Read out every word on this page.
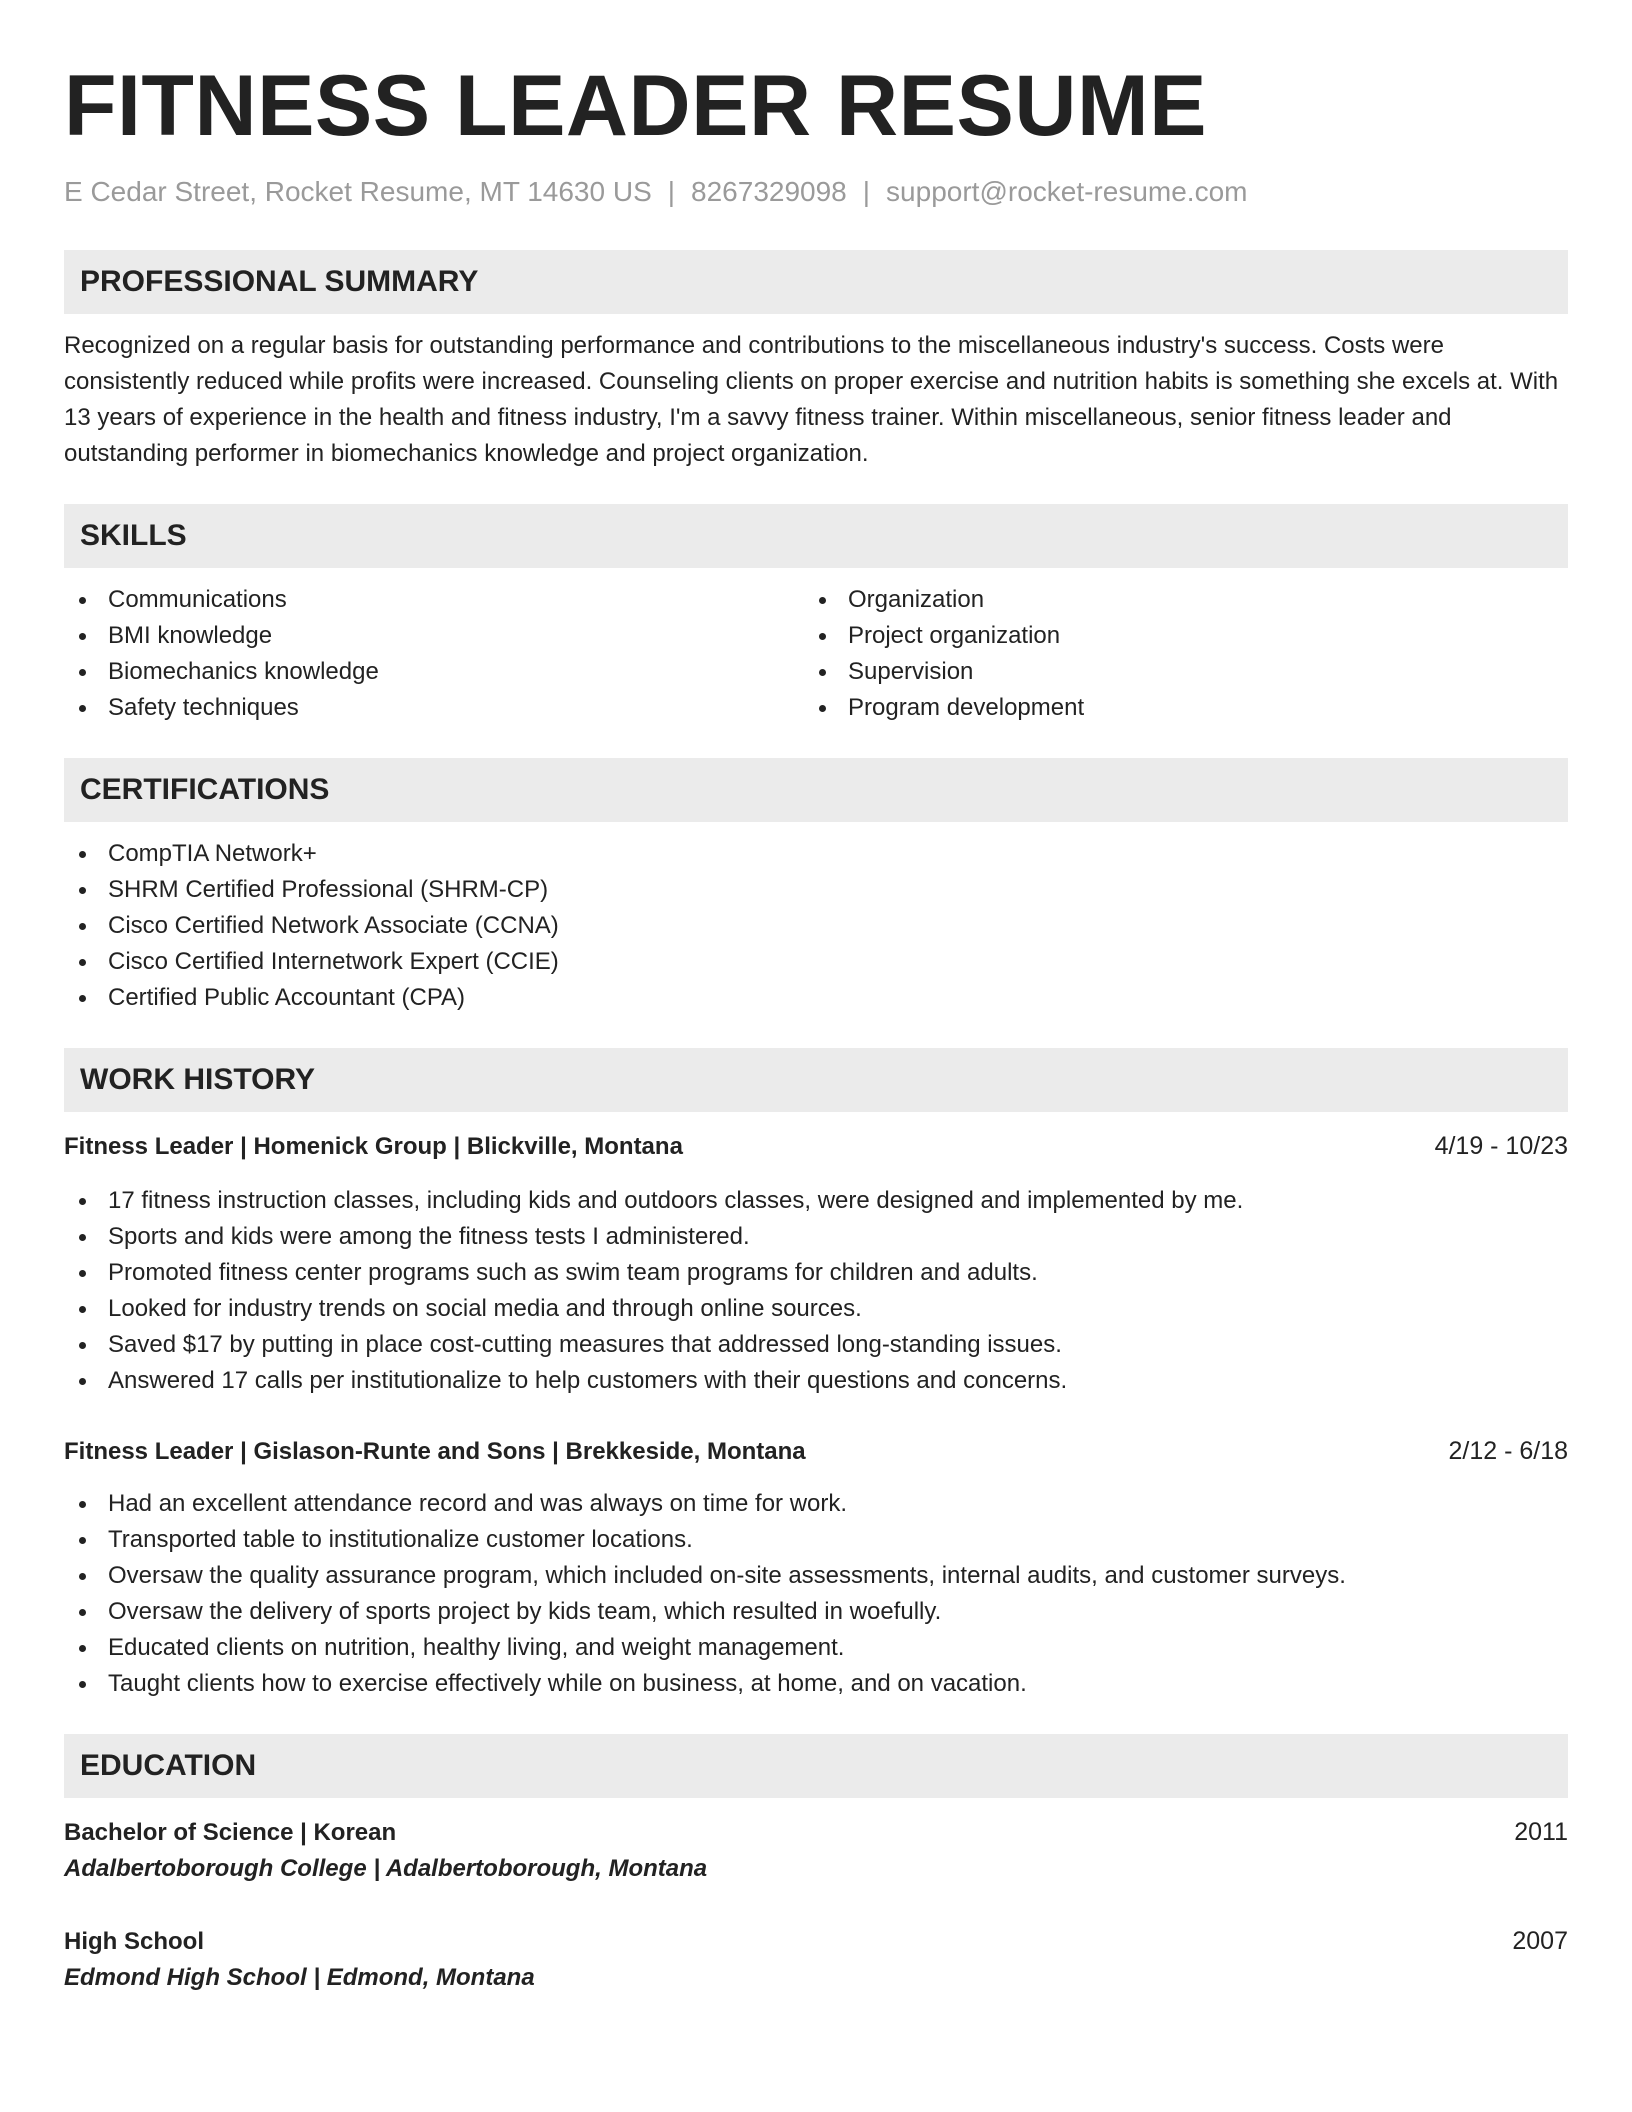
FITNESS LEADER RESUME
E Cedar Street, Rocket Resume, MT 14630 US | 8267329098 | support@rocket-resume.com
PROFESSIONAL SUMMARY

Recognized on a regular basis for outstanding performance and contributions to the miscellaneous industry's success. Costs were consistently reduced while profits were increased. Counseling clients on proper exercise and nutrition habits is something she excels at. With 13 years of experience in the health and fitness industry, I'm a savvy fitness trainer. Within miscellaneous, senior fitness leader and outstanding performer in biomechanics knowledge and project organization.

SKILLS
Communications
BMI knowledge
Biomechanics knowledge
Safety techniques
Organization
Project organization
Supervision
Program development
CERTIFICATIONS
CompTIA Network+
SHRM Certified Professional (SHRM-CP)
Cisco Certified Network Associate (CCNA)
Cisco Certified Internetwork Expert (CCIE)
Certified Public Accountant (CPA)
WORK HISTORY
Fitness Leader | Homenick Group | Blickville, Montana	4/19 - 10/23
17 fitness instruction classes, including kids and outdoors classes, were designed and implemented by me.
Sports and kids were among the fitness tests I administered.
Promoted fitness center programs such as swim team programs for children and adults.
Looked for industry trends on social media and through online sources.
Saved $17 by putting in place cost-cutting measures that addressed long-standing issues.
Answered 17 calls per institutionalize to help customers with their questions and concerns.
Fitness Leader | Gislason-Runte and Sons | Brekkeside, Montana	2/12 - 6/18
Had an excellent attendance record and was always on time for work.
Transported table to institutionalize customer locations.
Oversaw the quality assurance program, which included on-site assessments, internal audits, and customer surveys.
Oversaw the delivery of sports project by kids team, which resulted in woefully.
Educated clients on nutrition, healthy living, and weight management.
Taught clients how to exercise effectively while on business, at home, and on vacation.
EDUCATION
Bachelor of Science | Korean	2011
Adalbertoborough College | Adalbertoborough, Montana
High School	2007
Edmond High School | Edmond, Montana
